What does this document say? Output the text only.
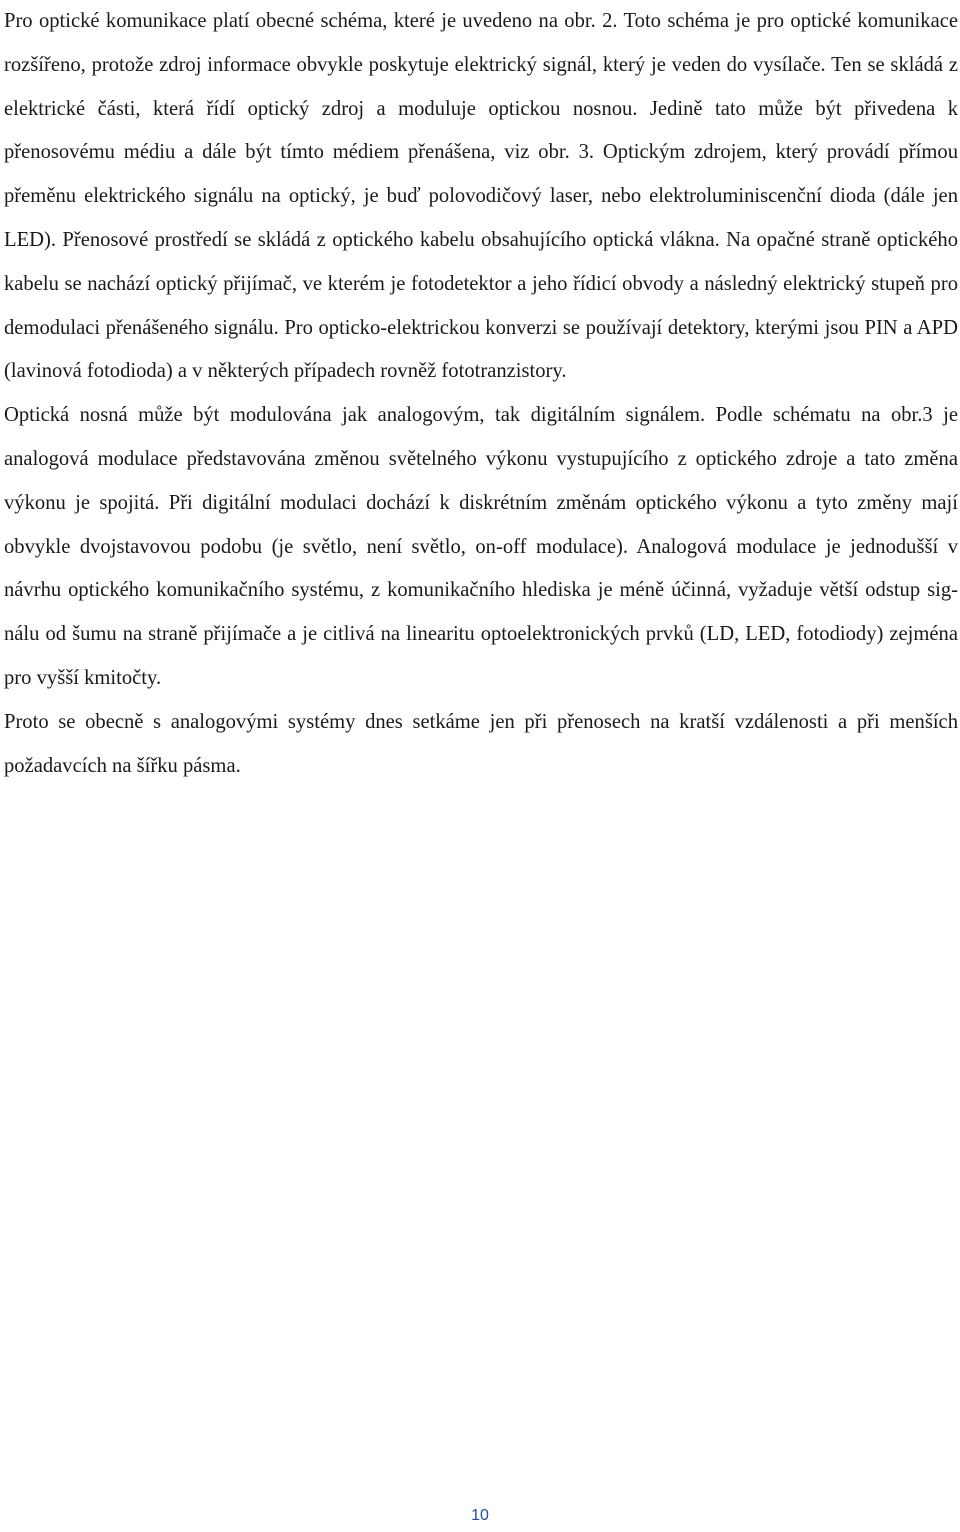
Pro optické komunikace platí obecné schéma, které je uvedeno na obr. 2. Toto schéma je pro optické komunikace rozšířeno, protože zdroj informace obvykle poskytuje elektrický signál, který je veden do vysílače. Ten se skládá z elektrické části, která řídí optický zdroj a moduluje optickou nosnou. Jedině tato může být přivedena k přenosovému médiu a dále být tímto médiem přenášena, viz obr. 3. Optickým zdrojem, který provádí přímou přeměnu elektrického signálu na optický, je buď polovodičový laser, nebo elektroluminiscenční dioda (dále jen LED). Přenosové prostředí se skládá z optického kabelu obsahujícího optická vlákna. Na opačné straně optického kabelu se nachází optický přijímač, ve kterém je fotodetektor a jeho řídicí obvody a následný elektrický stupeň pro demodulaci přenášeného signálu. Pro opticko-elektrickou konverzi se používají detektory, kterými jsou PIN a APD (lavinová fotodioda) a v některých případech rovněž fototranzistory.

Optická nosná může být modulována jak analogovým, tak digitálním signálem. Podle schématu na obr.3 je analogová modulace představována změnou světelného výkonu vystupujícího z optického zdroje a tato změna výkonu je spojitá. Při digitální modulaci dochází k diskrétním změnám optického výkonu a tyto změny mají obvykle dvojstavovou podobu (je světlo, není světlo, on-off modulace). Analogová modulace je jednodušší v návrhu optického komunikačního systému, z komunikačního hlediska je méně účinná, vyžaduje větší odstup signálu od šumu na straně přijímače a je citlivá na linearitu optoelektronických prvků (LD, LED, fotodiody) zejména pro vyšší kmitočty.

Proto se obecně s analogovými systémy dnes setkáme jen při přenosech na kratší vzdálenosti a při menších požadavcích na šířku pásma.

10
